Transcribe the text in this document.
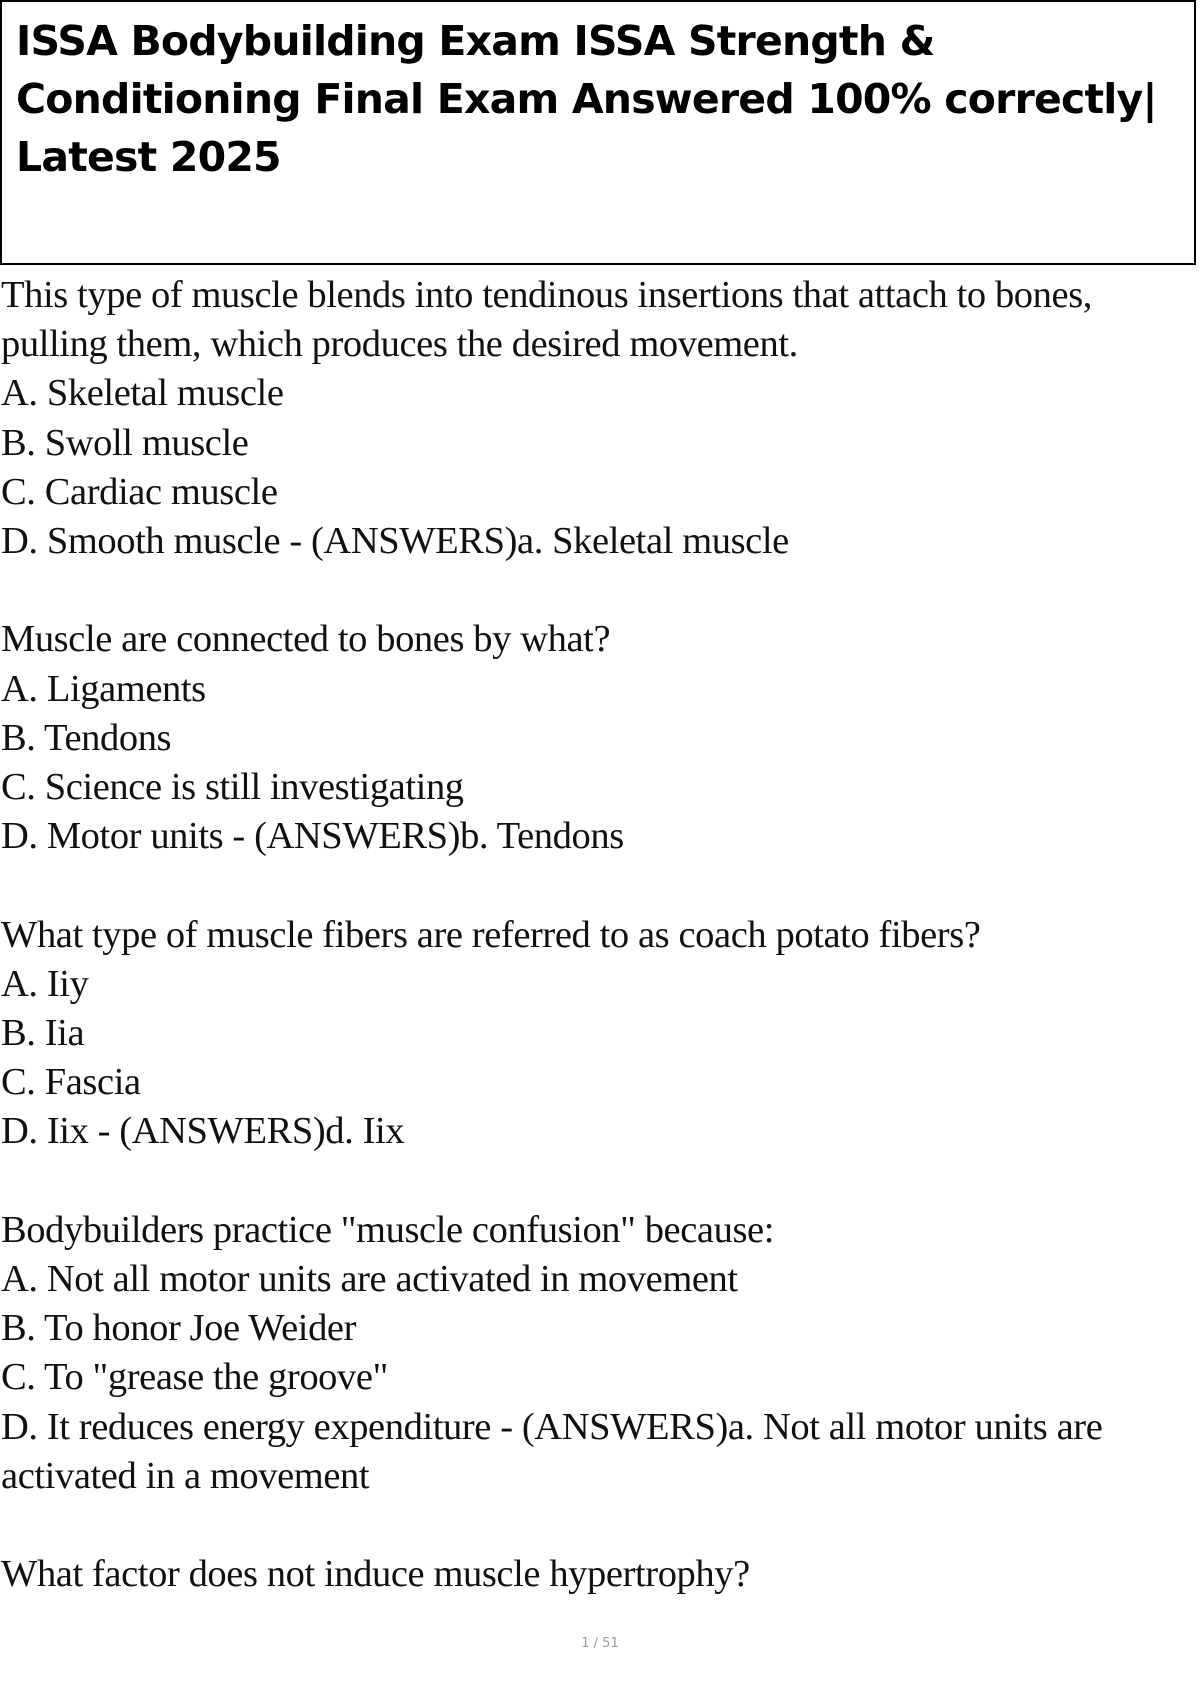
ISSA Bodybuilding Exam ISSA Strength & Conditioning Final Exam Answered 100% correctly| Latest 2025
This type of muscle blends into tendinous insertions that attach to bones, pulling them, which produces the desired movement.
A. Skeletal muscle
B. Swoll muscle
C. Cardiac muscle
D. Smooth muscle - (ANSWERS)a. Skeletal muscle
Muscle are connected to bones by what?
A. Ligaments
B. Tendons
C. Science is still investigating
D. Motor units - (ANSWERS)b. Tendons
What type of muscle fibers are referred to as coach potato fibers?
A. Iiy
B. Iia
C. Fascia
D. Iix - (ANSWERS)d. Iix
Bodybuilders practice "muscle confusion" because:
A. Not all motor units are activated in movement
B. To honor Joe Weider
C. To "grease the groove"
D. It reduces energy expenditure - (ANSWERS)a. Not all motor units are activated in a movement
What factor does not induce muscle hypertrophy?
1 / 51
